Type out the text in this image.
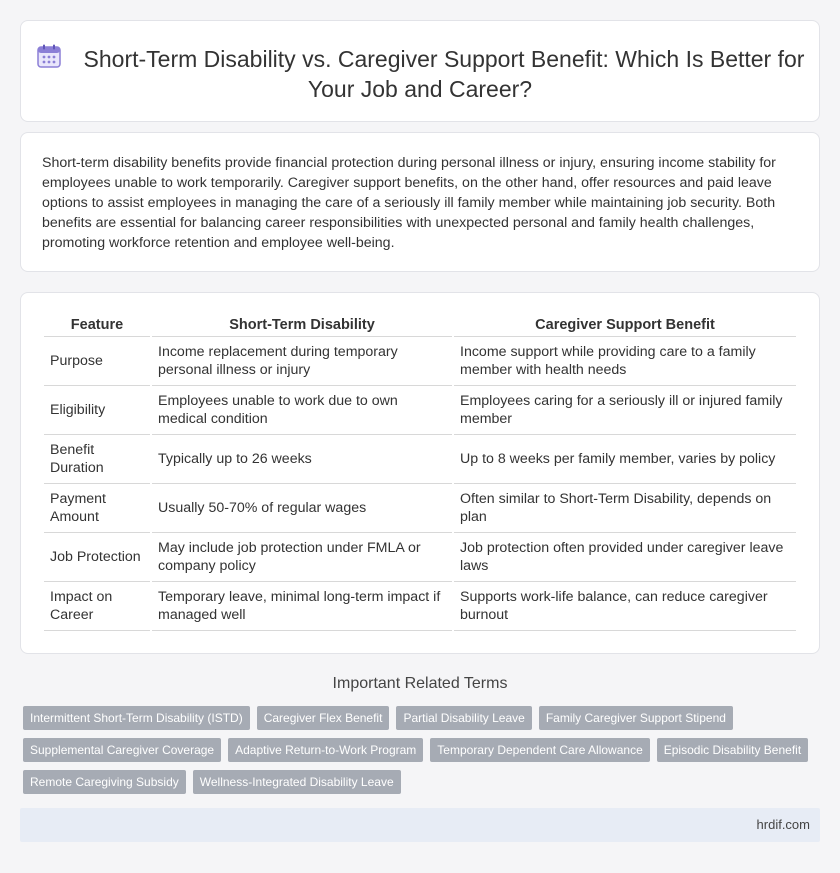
Short-Term Disability vs. Caregiver Support Benefit: Which Is Better for Your Job and Career?

Short-term disability benefits provide financial protection during personal illness or injury, ensuring income stability for employees unable to work temporarily. Caregiver support benefits, on the other hand, offer resources and paid leave options to assist employees in managing the care of a seriously ill family member while maintaining job security. Both benefits are essential for balancing career responsibilities with unexpected personal and family health challenges, promoting workforce retention and employee well-being.

Feature	Short-Term Disability	Caregiver Support Benefit
Purpose	Income replacement during temporary personal illness or injury	Income support while providing care to a family member with health needs
Eligibility	Employees unable to work due to own medical condition	Employees caring for a seriously ill or injured family member
Benefit Duration	Typically up to 26 weeks	Up to 8 weeks per family member, varies by policy
Payment Amount	Usually 50-70% of regular wages	Often similar to Short-Term Disability, depends on plan
Job Protection	May include job protection under FMLA or company policy	Job protection often provided under caregiver leave laws
Impact on Career	Temporary leave, minimal long-term impact if managed well	Supports work-life balance, can reduce caregiver burnout
Important Related Terms
Intermittent Short-Term Disability (ISTD)	Caregiver Flex Benefit	Partial Disability Leave	Family Caregiver Support Stipend
Supplemental Caregiver Coverage	Adaptive Return-to-Work Program	Temporary Dependent Care Allowance	Episodic Disability Benefit
Remote Caregiving Subsidy	Wellness-Integrated Disability Leave
hrdif.com
